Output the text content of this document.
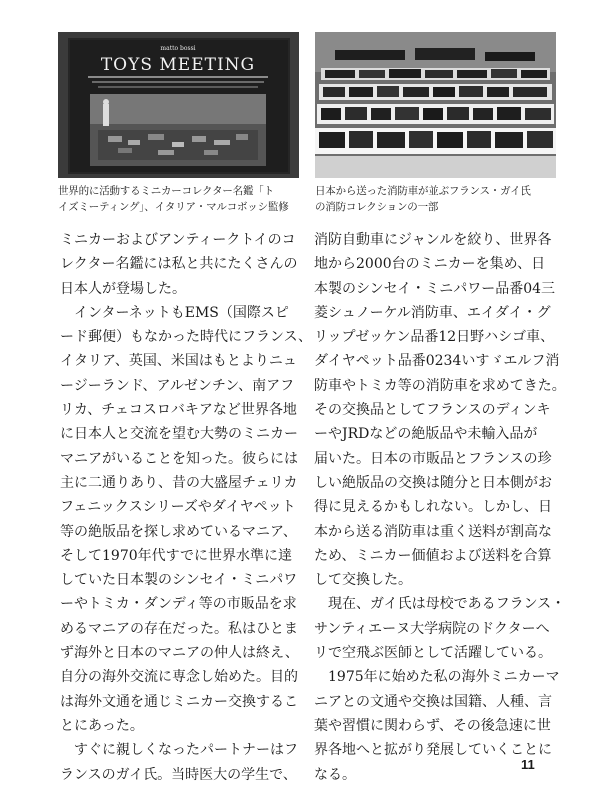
matto bossi
TOYS MEETING
世界的に活動するミニカーコレクター名鑑「ト
イズミーティング」、イタリア・マルコボッシ監修
日本から送った消防車が並ぶフランス・ガイ氏
の消防コレクションの一部
ミニカーおよびアンティークトイのコ
レクター名鑑には私と共にたくさんの
日本人が登場した。
　インターネットもEMS（国際スピ
ード郵便）もなかった時代にフランス、
イタリア、英国、米国はもとよりニュ
ージーランド、アルゼンチン、南アフ
リカ、チェコスロバキアなど世界各地
に日本人と交流を望む大勢のミニカー
マニアがいることを知った。彼らには
主に二通りあり、昔の大盛屋チェリカ
フェニックスシリーズやダイヤペット
等の絶版品を探し求めているマニア、
そして1970年代すでに世界水準に達
していた日本製のシンセイ・ミニパワ
ーやトミカ・ダンディ等の市販品を求
めるマニアの存在だった。私はひとま
ず海外と日本のマニアの仲人は終え、
自分の海外交流に専念し始めた。目的
は海外文通を通じミニカー交換するこ
とにあった。
　すぐに親しくなったパートナーはフ
ランスのガイ氏。当時医大の学生で、
消防自動車にジャンルを絞り、世界各
地から2000台のミニカーを集め、日
本製のシンセイ・ミニパワー品番04三
菱シュノーケル消防車、エイダイ・グ
リップゼッケン品番12日野ハシゴ車、
ダイヤペット品番0234いすゞエルフ消
防車やトミカ等の消防車を求めてきた。
その交換品としてフランスのディンキ
ーやJRDなどの絶版品や未輸入品が
届いた。日本の市販品とフランスの珍
しい絶版品の交換は随分と日本側がお
得に見えるかもしれない。しかし、日
本から送る消防車は重く送料が割高な
ため、ミニカー価値および送料を合算
して交換した。
　現在、ガイ氏は母校であるフランス・
サンティエーヌ大学病院のドクターへ
リで空飛ぶ医師として活躍している。
　1975年に始めた私の海外ミニカーマ
ニアとの文通や交換は国籍、人種、言
葉や習慣に関わらず、その後急速に世
界各地へと拡がり発展していくことに
なる。
11
